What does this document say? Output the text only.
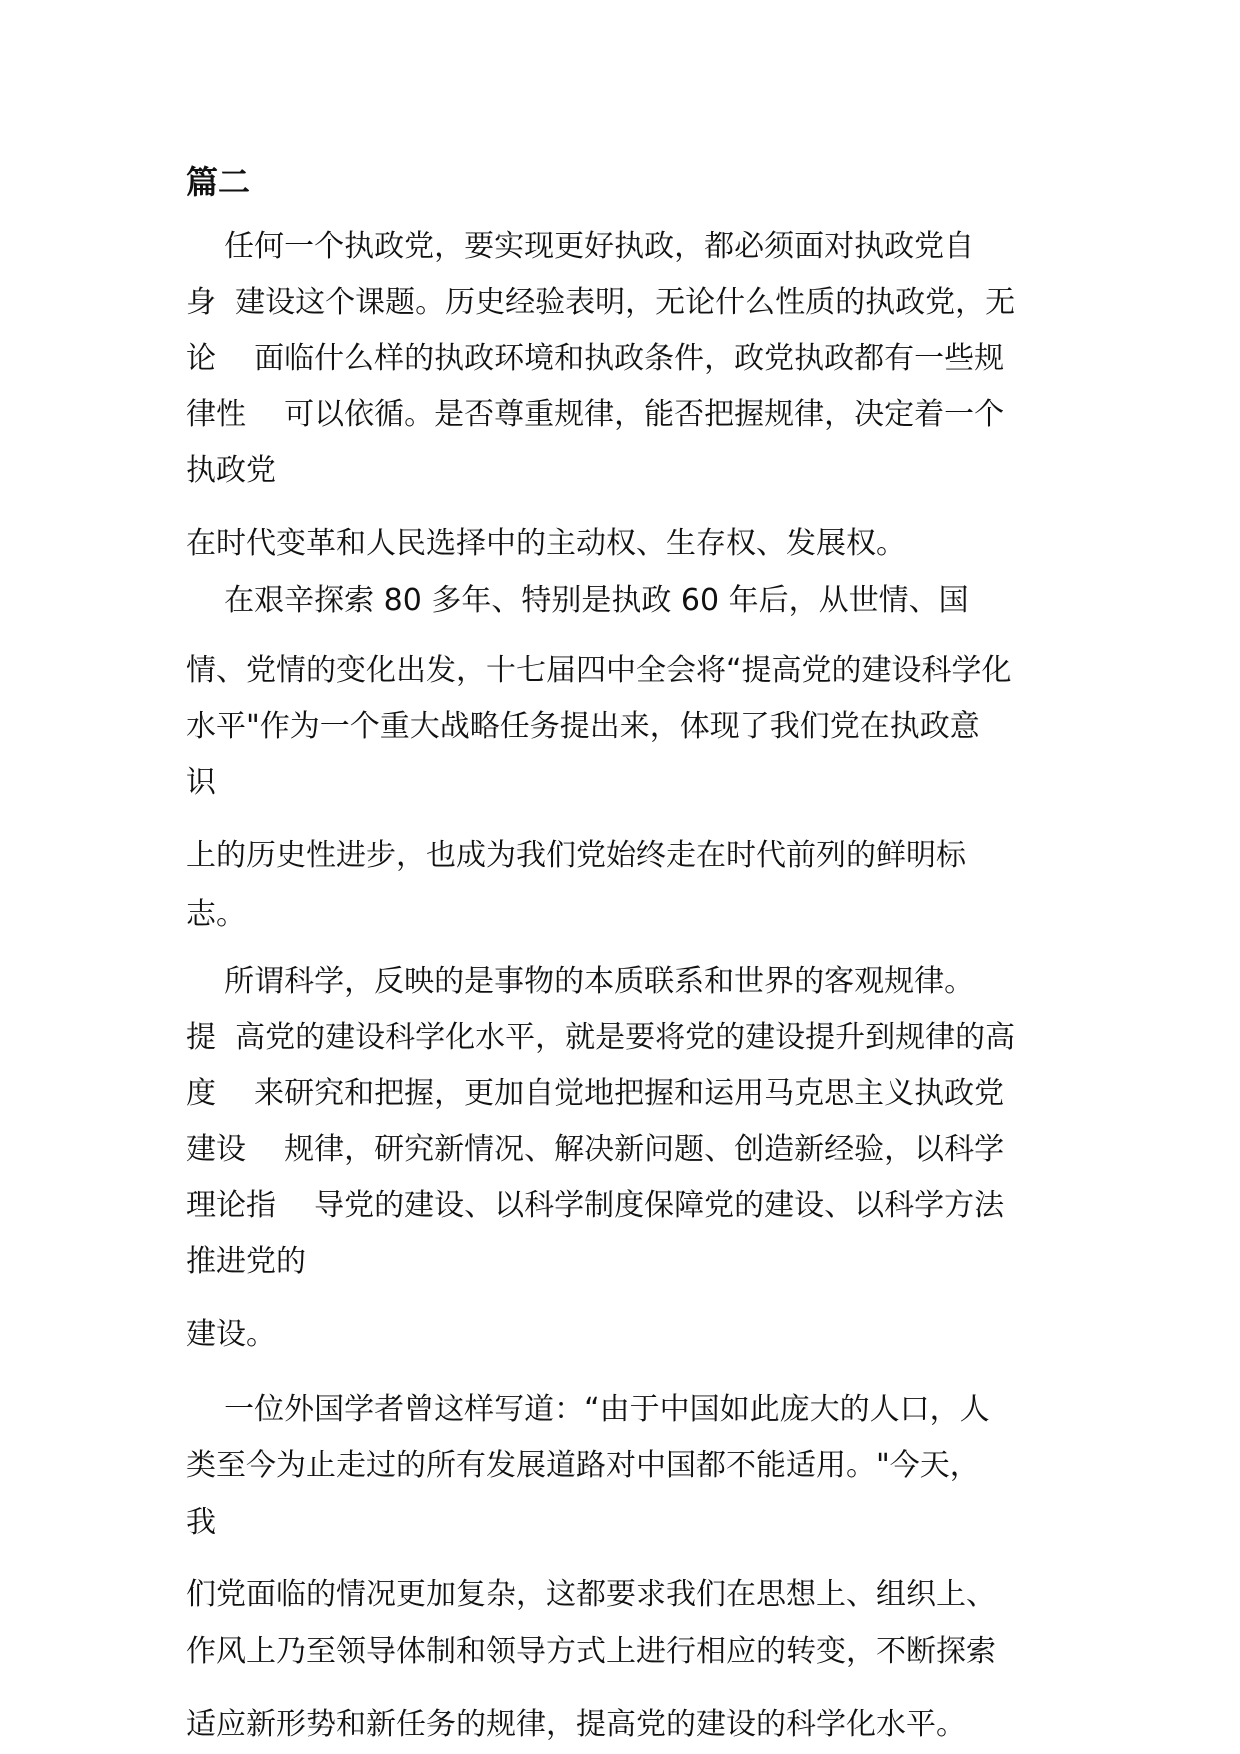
篇二
任何一个执政党，要实现更好执政，都必须面对执政党自
身  建设这个课题。历史经验表明，无论什么性质的执政党，无
论    面临什么样的执政环境和执政条件，政党执政都有一些规
律性    可以依循。是否尊重规律，能否把握规律，决定着一个
执政党
在时代变革和人民选择中的主动权、生存权、发展权。
在艰辛探索 80 多年、特别是执政 60 年后，从世情、国
情、党情的变化出发，十七届四中全会将“提高党的建设科学化
水平"作为一个重大战略任务提出来，体现了我们党在执政意
识
上的历史性进步，也成为我们党始终走在时代前列的鲜明标
志。
所谓科学，反映的是事物的本质联系和世界的客观规律。
提  高党的建设科学化水平，就是要将党的建设提升到规律的高
度    来研究和把握，更加自觉地把握和运用马克思主义执政党
建设    规律，研究新情况、解决新问题、创造新经验，以科学
理论指    导党的建设、以科学制度保障党的建设、以科学方法
推进党的
建设。
一位外国学者曾这样写道：“由于中国如此庞大的人口，人
类至今为止走过的所有发展道路对中国都不能适用。"今天，
我
们党面临的情况更加复杂，这都要求我们在思想上、组织上、
作风上乃至领导体制和领导方式上进行相应的转变，不断探索
适应新形势和新任务的规律，提高党的建设的科学化水平。
